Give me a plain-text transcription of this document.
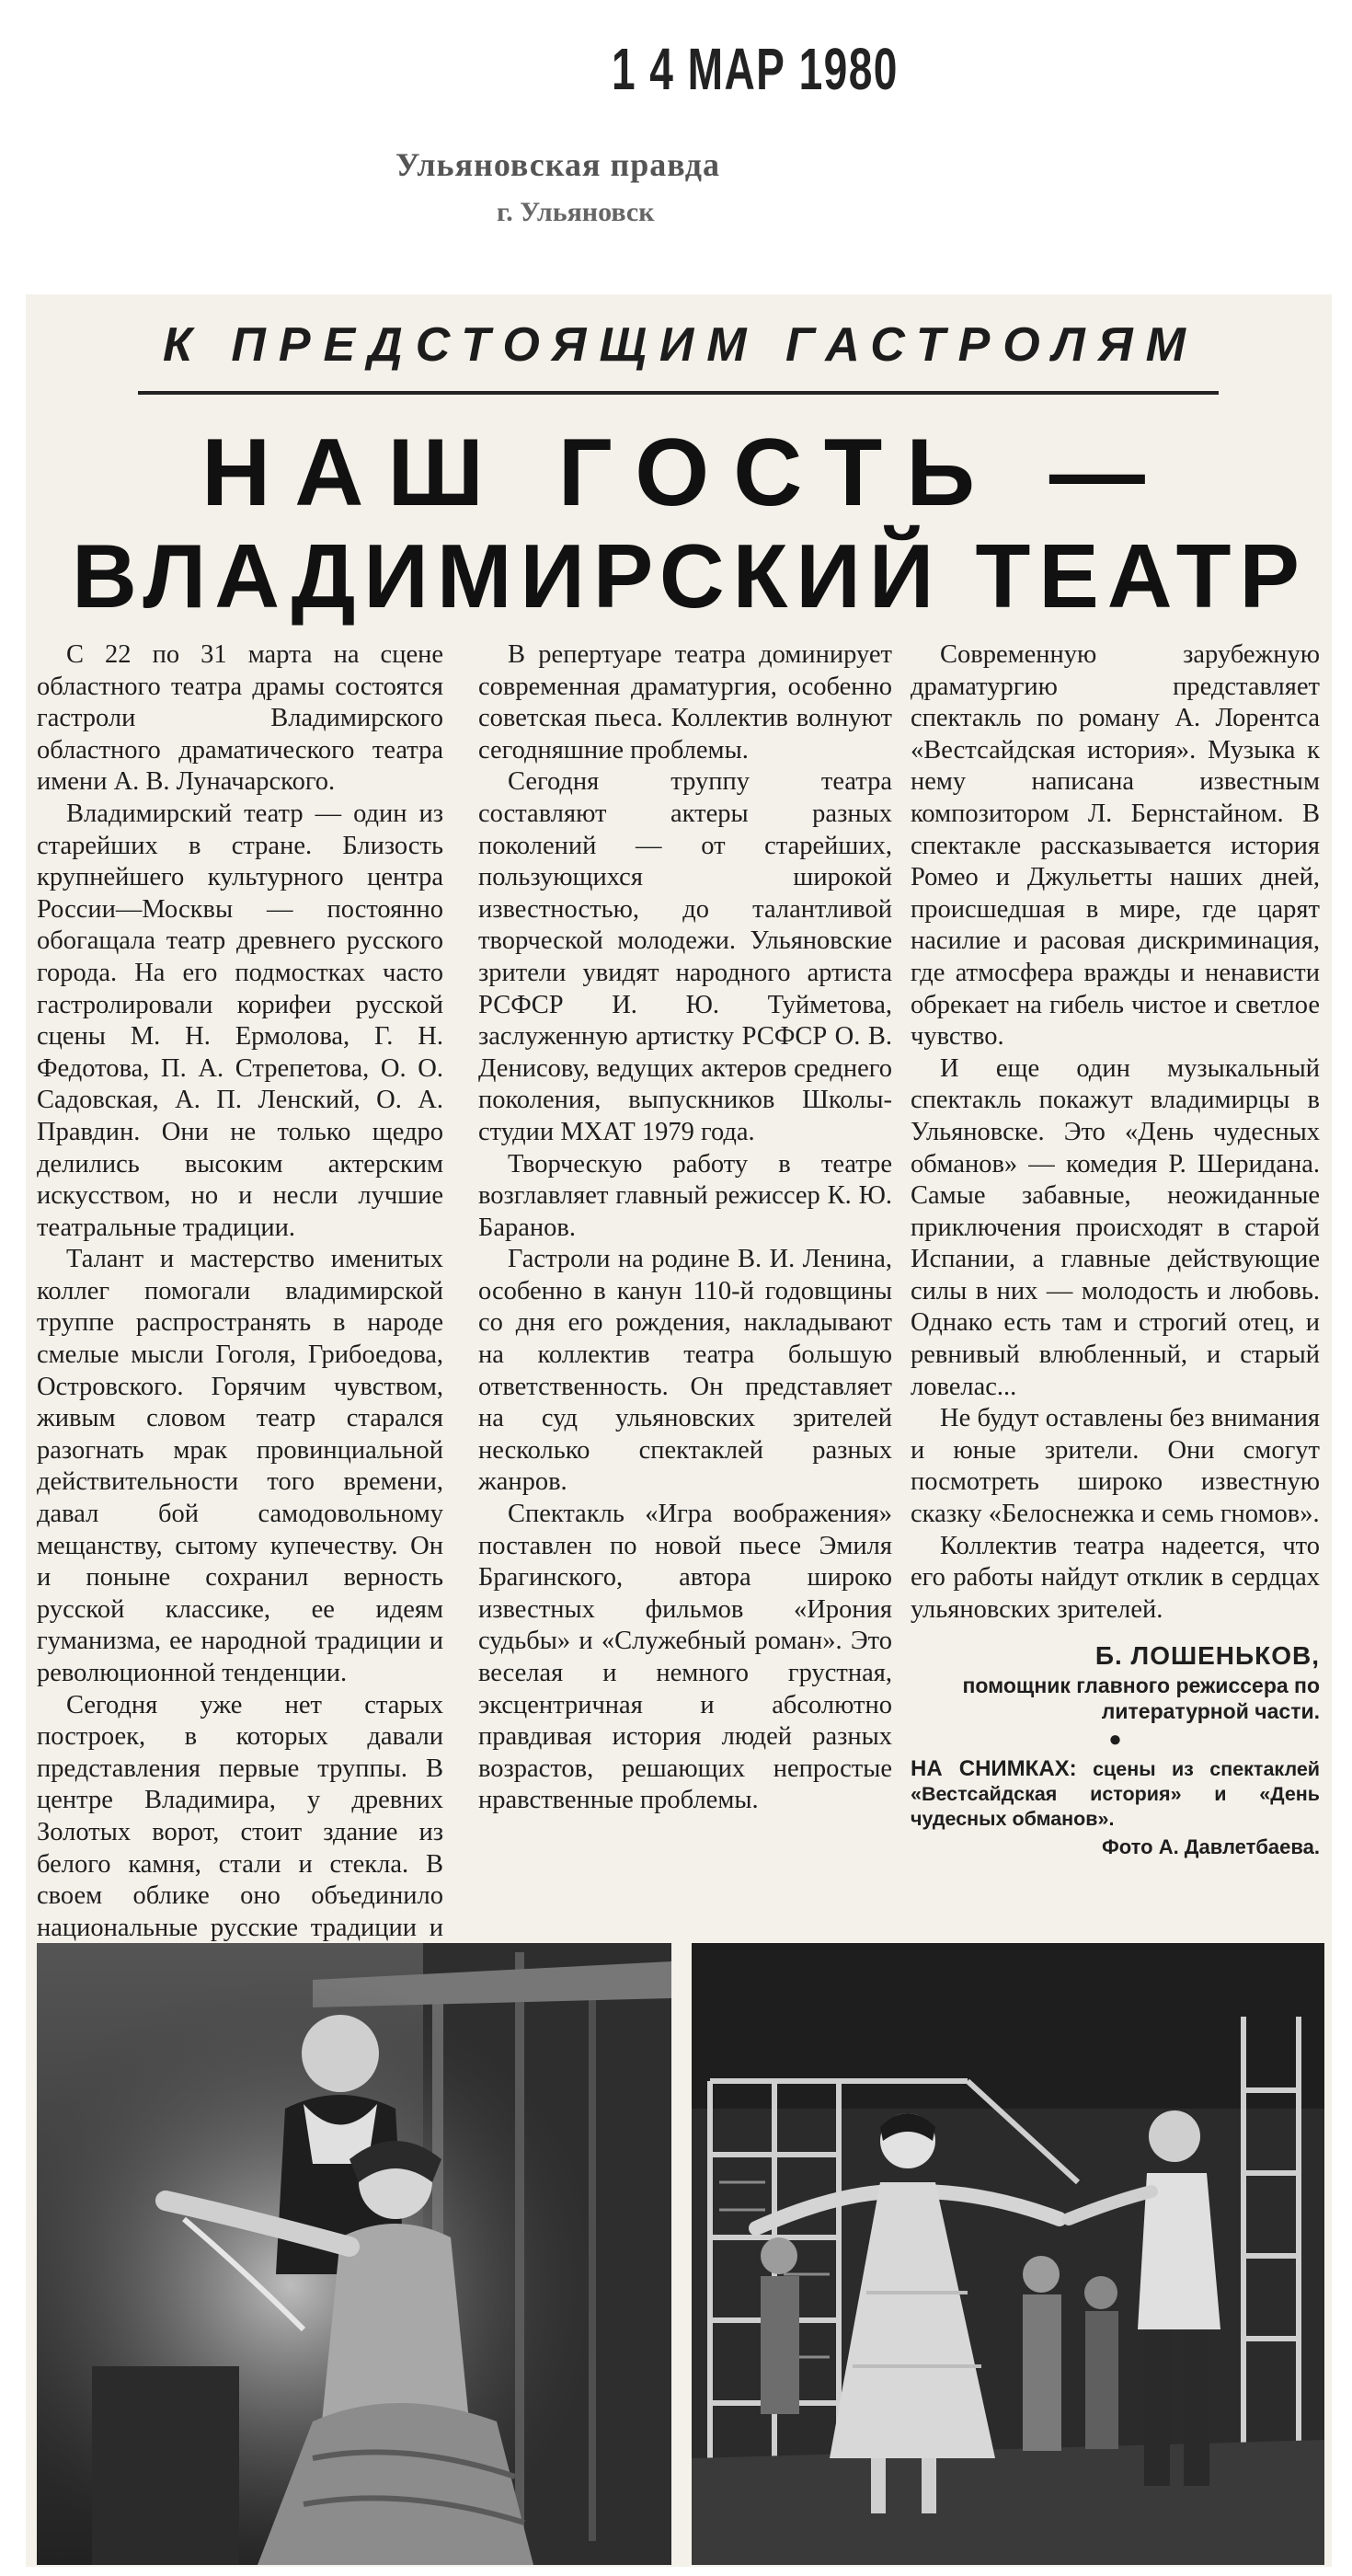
1 4 МАР 1980
Ульяновская правда
г. Ульяновск
К ПРЕДСТОЯЩИМ ГАСТРОЛЯМ
НАШ ГОСТЬ —
ВЛАДИМИРСКИЙ ТЕАТР

С 22 по 31 марта на сцене областного театра драмы состоятся гастроли Владимирского областного драматического театра имени А. В. Луначарского.

Владимирский театр — один из старейших в стране. Близость крупнейшего культурного центра России—Москвы — постоянно обогащала театр древнего русского города. На его подмостках часто гастролировали корифеи русской сцены М. Н. Ермолова, Г. Н. Федотова, П. А. Стрепетова, О. О. Садовская, А. П. Ленский, О. А. Правдин. Они не только щедро делились высоким актерским искусством, но и несли лучшие театральные традиции.

Талант и мастерство именитых коллег помогали владимирской труппе распространять в народе смелые мысли Гоголя, Грибоедова, Островского. Горячим чувством, живым словом театр старался разогнать мрак провинциальной действительности того времени, давал бой самодовольному мещанству, сытому купечеству. Он и поныне сохранил верность русской классике, ее идеям гуманизма, ее народной традиции и революционной тенденции.

Сегодня уже нет старых построек, в которых давали представления первые труппы. В центре Владимира, у древних Золотых ворот, стоит здание из белого камня, стали и стекла. В своем облике оно объединило национальные русские традиции и

В репертуаре театра доминирует современная драматургия, особенно советская пьеса. Коллектив волнуют сегодняшние проблемы.

Сегодня труппу театра составляют актеры разных поколений — от старейших, пользующихся широкой известностью, до талантливой творческой молодежи. Ульяновские зрители увидят народного артиста РСФСР И. Ю. Туйметова, заслуженную артистку РСФСР О. В. Денисову, ведущих актеров среднего поколения, выпускников Школы-студии МХАТ 1979 года.

Творческую работу в театре возглавляет главный режиссер К. Ю. Баранов.

Гастроли на родине В. И. Ленина, особенно в канун 110-й годовщины со дня его рождения, накладывают на коллектив театра большую ответственность. Он представляет на суд ульяновских зрителей несколько спектаклей разных жанров.

Спектакль «Игра воображения» поставлен по новой пьесе Эмиля Брагинского, автора широко известных фильмов «Ирония судьбы» и «Служебный роман». Это веселая и немного грустная, эксцентричная и абсолютно правдивая история людей разных возрастов, решающих непростые нравственные проблемы.

Современную зарубежную драматургию представляет спектакль по роману А. Лорентса «Вестсайдская история». Музыка к нему написана известным композитором Л. Бернстайном. В спектакле рассказывается история Ромео и Джульетты наших дней, происшедшая в мире, где царят насилие и расовая дискриминация, где атмосфера вражды и ненависти обрекает на гибель чистое и светлое чувство.

И еще один музыкальный спектакль покажут владимирцы в Ульяновске. Это «День чудесных обманов» — комедия Р. Шеридана. Самые забавные, неожиданные приключения происходят в старой Испании, а главные действующие силы в них — молодость и любовь. Однако есть там и строгий отец, и ревнивый влюбленный, и старый ловелас...

Не будут оставлены без внимания и юные зрители. Они смогут посмотреть широко известную сказку «Белоснежка и семь гномов».

Коллектив театра надеется, что его работы найдут отклик в сердцах ульяновских зрителей.

Б. ЛОШЕНЬКОВ,
помощник главного режиссера по литературной части.

●

НА СНИМКАХ: сцены из спектаклей «Вестсайдская история» и «День чудесных обманов».

Фото А. Давлетбаева.
